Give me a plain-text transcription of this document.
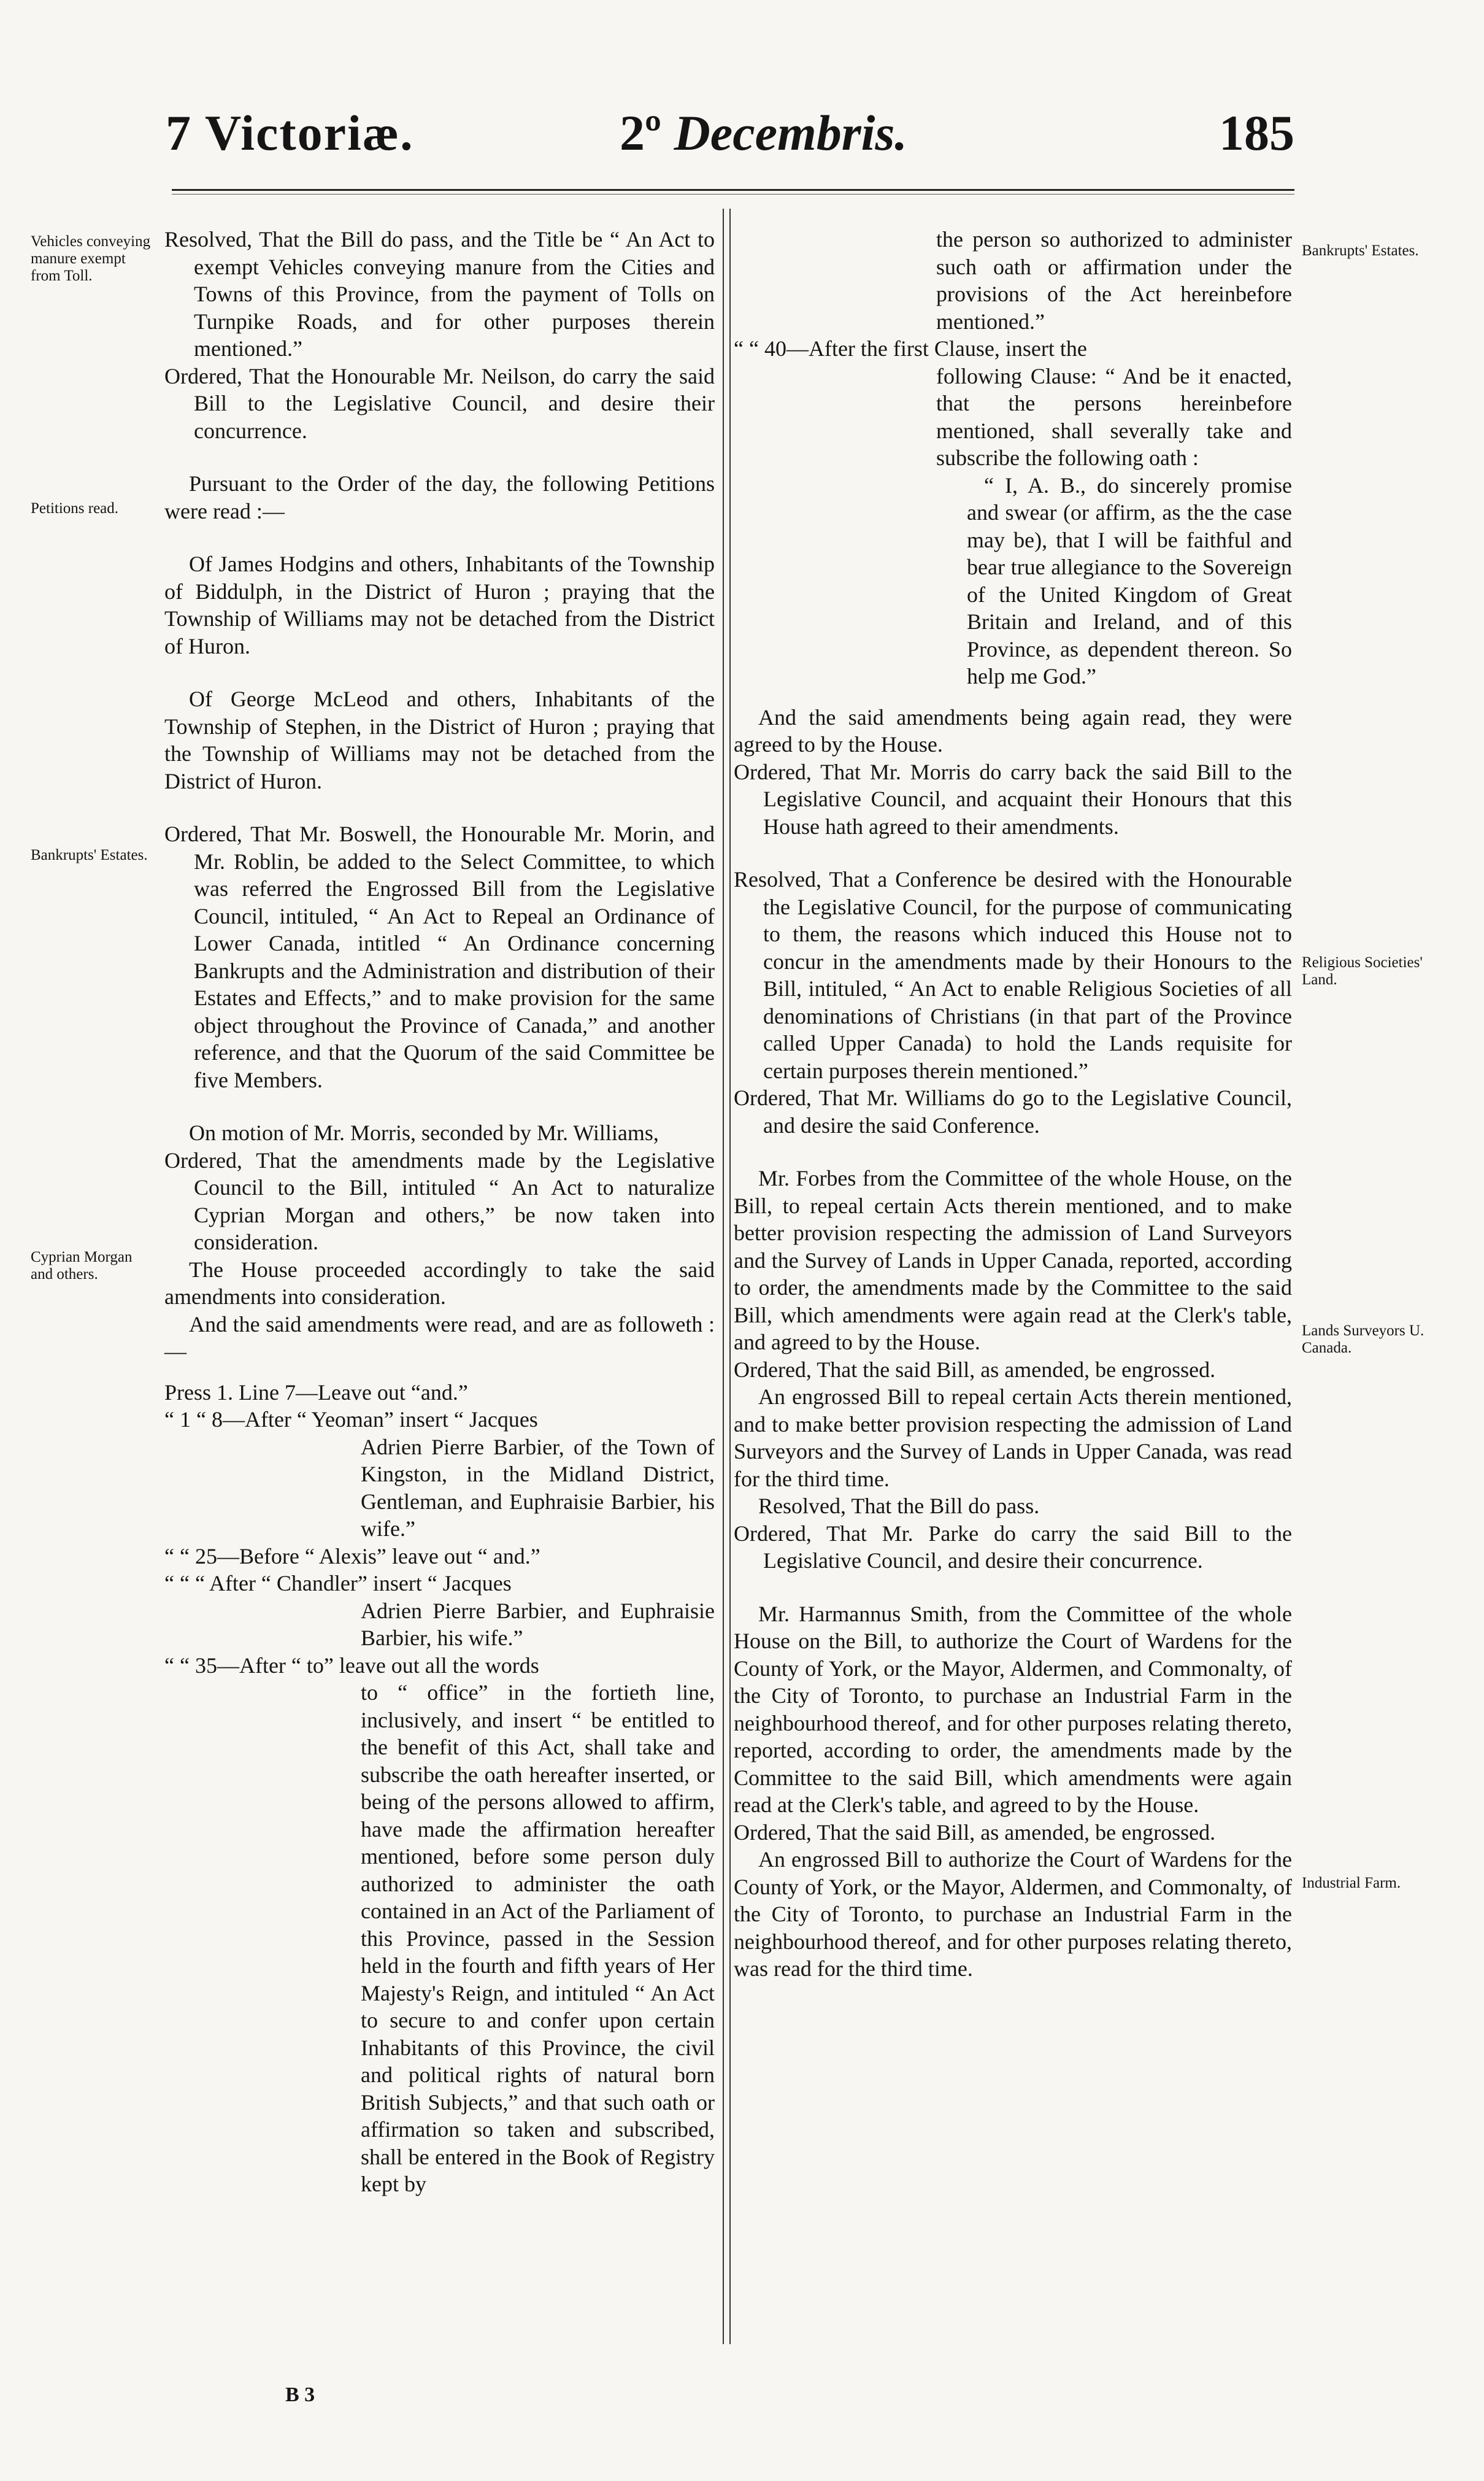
7 Victoriæ.	2º Decembris.	185
Vehicles conveying manure exempt from Toll.
Petitions read.
Bankrupts' Estates.
Cyprian Morgan and others.
Bankrupts' Estates.
Religious Societies' Land.
Lands Surveyors U. Canada.
Industrial Farm.

Resolved, That the Bill do pass, and the Title be “ An Act to exempt Vehicles conveying manure from the Cities and Towns of this Province, from the payment of Tolls on Turnpike Roads, and for other purposes therein mentioned.”

Ordered, That the Honourable Mr. Neilson, do carry the said Bill to the Legislative Council, and desire their concurrence.

Pursuant to the Order of the day, the following Petitions were read :—

Of James Hodgins and others, Inhabitants of the Township of Biddulph, in the District of Huron ; praying that the Township of Williams may not be detached from the District of Huron.

Of George McLeod and others, Inhabitants of the Township of Stephen, in the District of Huron ; praying that the Township of Williams may not be detached from the District of Huron.

Ordered, That Mr. Boswell, the Honourable Mr. Morin, and Mr. Roblin, be added to the Select Committee, to which was referred the Engrossed Bill from the Legislative Council, intituled, “ An Act to Repeal an Ordinance of Lower Canada, intitled “ An Ordinance concerning Bankrupts and the Administration and distribution of their Estates and Effects,” and to make provision for the same object throughout the Province of Canada,” and another reference, and that the Quorum of the said Committee be five Members.

On motion of Mr. Morris, seconded by Mr. Williams,

Ordered, That the amendments made by the Legislative Council to the Bill, intituled “ An Act to naturalize Cyprian Morgan and others,” be now taken into consideration.

The House proceeded accordingly to take the said amendments into consideration.

And the said amendments were read, and are as followeth :—

Press 1. Line 7—Leave out “and.”

“ 1 “ 8—After “ Yeoman” insert “ Jacques

Adrien Pierre Barbier, of the Town of Kingston, in the Midland District, Gentleman, and Euphraisie Barbier, his wife.”

“ “ 25—Before “ Alexis” leave out “ and.”

“ “ “ After “ Chandler” insert “ Jacques

Adrien Pierre Barbier, and Euphraisie Barbier, his wife.”

“ “ 35—After “ to” leave out all the words

to “ office” in the fortieth line, inclusively, and insert “ be entitled to the benefit of this Act, shall take and subscribe the oath hereafter inserted, or being of the persons allowed to affirm, have made the affirmation hereafter mentioned, before some person duly authorized to administer the oath contained in an Act of the Parliament of this Province, passed in the Session held in the fourth and fifth years of Her Majesty's Reign, and intituled “ An Act to secure to and confer upon certain Inhabitants of this Province, the civil and political rights of natural born British Subjects,” and that such oath or affirmation so taken and subscribed, shall be entered in the Book of Registry kept by

the person so authorized to administer such oath or affirmation under the provisions of the Act hereinbefore mentioned.”

“ “ 40—After the first Clause, insert the

following Clause: “ And be it enacted, that the persons hereinbefore mentioned, shall severally take and subscribe the following oath :

“ I, A. B., do sincerely promise and swear (or affirm, as the the case may be), that I will be faithful and bear true allegiance to the Sovereign of the United Kingdom of Great Britain and Ireland, and of this Province, as dependent thereon. So help me God.”

And the said amendments being again read, they were agreed to by the House.

Ordered, That Mr. Morris do carry back the said Bill to the Legislative Council, and acquaint their Honours that this House hath agreed to their amendments.

Resolved, That a Conference be desired with the Honourable the Legislative Council, for the purpose of communicating to them, the reasons which induced this House not to concur in the amendments made by their Honours to the Bill, intituled, “ An Act to enable Religious Societies of all denominations of Christians (in that part of the Province called Upper Canada) to hold the Lands requisite for certain purposes therein mentioned.”

Ordered, That Mr. Williams do go to the Legislative Council, and desire the said Conference.

Mr. Forbes from the Committee of the whole House, on the Bill, to repeal certain Acts therein mentioned, and to make better provision respecting the admission of Land Surveyors and the Survey of Lands in Upper Canada, reported, according to order, the amendments made by the Committee to the said Bill, which amendments were again read at the Clerk's table, and agreed to by the House.

Ordered, That the said Bill, as amended, be engrossed.

An engrossed Bill to repeal certain Acts therein mentioned, and to make better provision respecting the admission of Land Surveyors and the Survey of Lands in Upper Canada, was read for the third time.

Resolved, That the Bill do pass.

Ordered, That Mr. Parke do carry the said Bill to the Legislative Council, and desire their concurrence.

Mr. Harmannus Smith, from the Committee of the whole House on the Bill, to authorize the Court of Wardens for the County of York, or the Mayor, Aldermen, and Commonalty, of the City of Toronto, to purchase an Industrial Farm in the neighbourhood thereof, and for other purposes relating thereto, reported, according to order, the amendments made by the Committee to the said Bill, which amendments were again read at the Clerk's table, and agreed to by the House.

Ordered, That the said Bill, as amended, be engrossed.

An engrossed Bill to authorize the Court of Wardens for the County of York, or the Mayor, Aldermen, and Commonalty, of the City of Toronto, to purchase an Industrial Farm in the neighbourhood thereof, and for other purposes relating thereto, was read for the third time.

B 3
